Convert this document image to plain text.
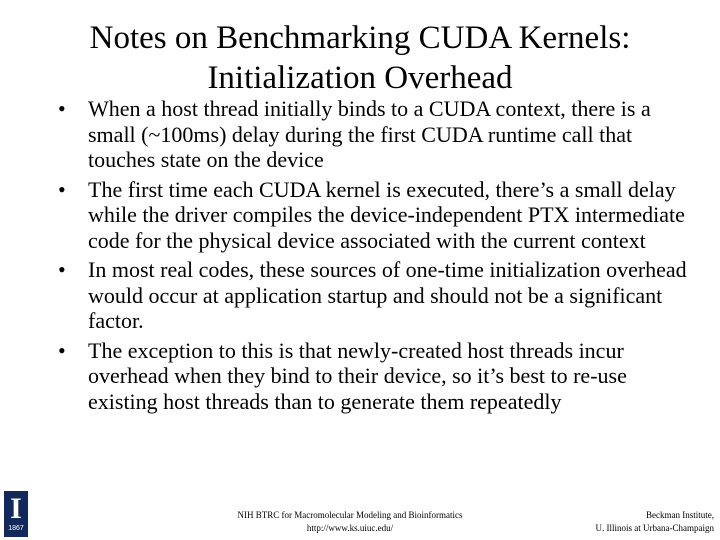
Notes on Benchmarking CUDA Kernels:
Initialization Overhead
• When a host thread initially binds to a CUDA context, there is a small (~100ms) delay during the first CUDA runtime call that touches state on the device
• The first time each CUDA kernel is executed, there’s a small delay while the driver compiles the device-independent PTX intermediate code for the physical device associated with the current context
• In most real codes, these sources of one-time initialization overhead would occur at application startup and should not be a significant factor.
• The exception to this is that newly-created host threads incur overhead when they bind to their device, so it’s best to re-use existing host threads than to generate them repeatedly
I
1867
NIH BTRC for Macromolecular Modeling and Bioinformatics
http://www.ks.uiuc.edu/
Beckman Institute,
U. Illinois at Urbana-Champaign
